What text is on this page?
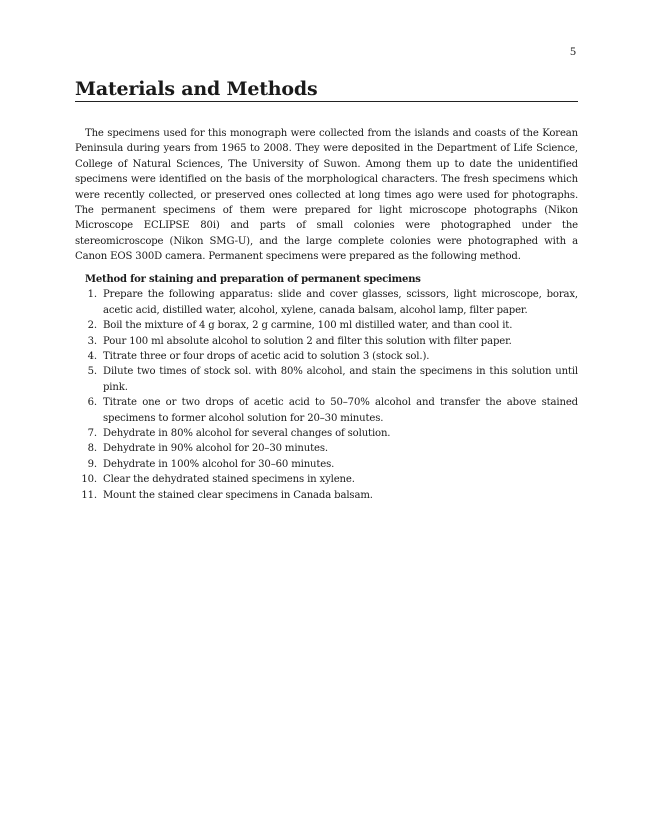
5
Materials and Methods

The specimens used for this monograph were collected from the islands and coasts of the Korean Peninsula during years from 1965 to 2008. They were deposited in the Department of Life Science, College of Natural Sciences, The University of Suwon. Among them up to date the unidentified specimens were identified on the basis of the morphological characters. The fresh specimens which were recently collected, or preserved ones collected at long times ago were used for photographs. The permanent specimens of them were prepared for light microscope photographs (Nikon Microscope ECLIPSE 80i) and parts of small colonies were photographed under the stereomicroscope (Nikon SMG-U), and the large complete colonies were photographed with a Canon EOS 300D camera. Permanent specimens were prepared as the following method.

Method for staining and preparation of permanent specimens
1. Prepare the following apparatus: slide and cover glasses, scissors, light microscope, borax, acetic acid, distilled water, alcohol, xylene, canada balsam, alcohol lamp, filter paper.
2. Boil the mixture of 4 g borax, 2 g carmine, 100 ml distilled water, and than cool it.
3. Pour 100 ml absolute alcohol to solution 2 and filter this solution with filter paper.
4. Titrate three or four drops of acetic acid to solution 3 (stock sol.).
5. Dilute two times of stock sol. with 80% alcohol, and stain the specimens in this solution until pink.
6. Titrate one or two drops of acetic acid to 50–70% alcohol and transfer the above stained specimens to former alcohol solution for 20–30 minutes.
7. Dehydrate in 80% alcohol for several changes of solution.
8. Dehydrate in 90% alcohol for 20–30 minutes.
9. Dehydrate in 100% alcohol for 30–60 minutes.
10. Clear the dehydrated stained specimens in xylene.
11. Mount the stained clear specimens in Canada balsam.
